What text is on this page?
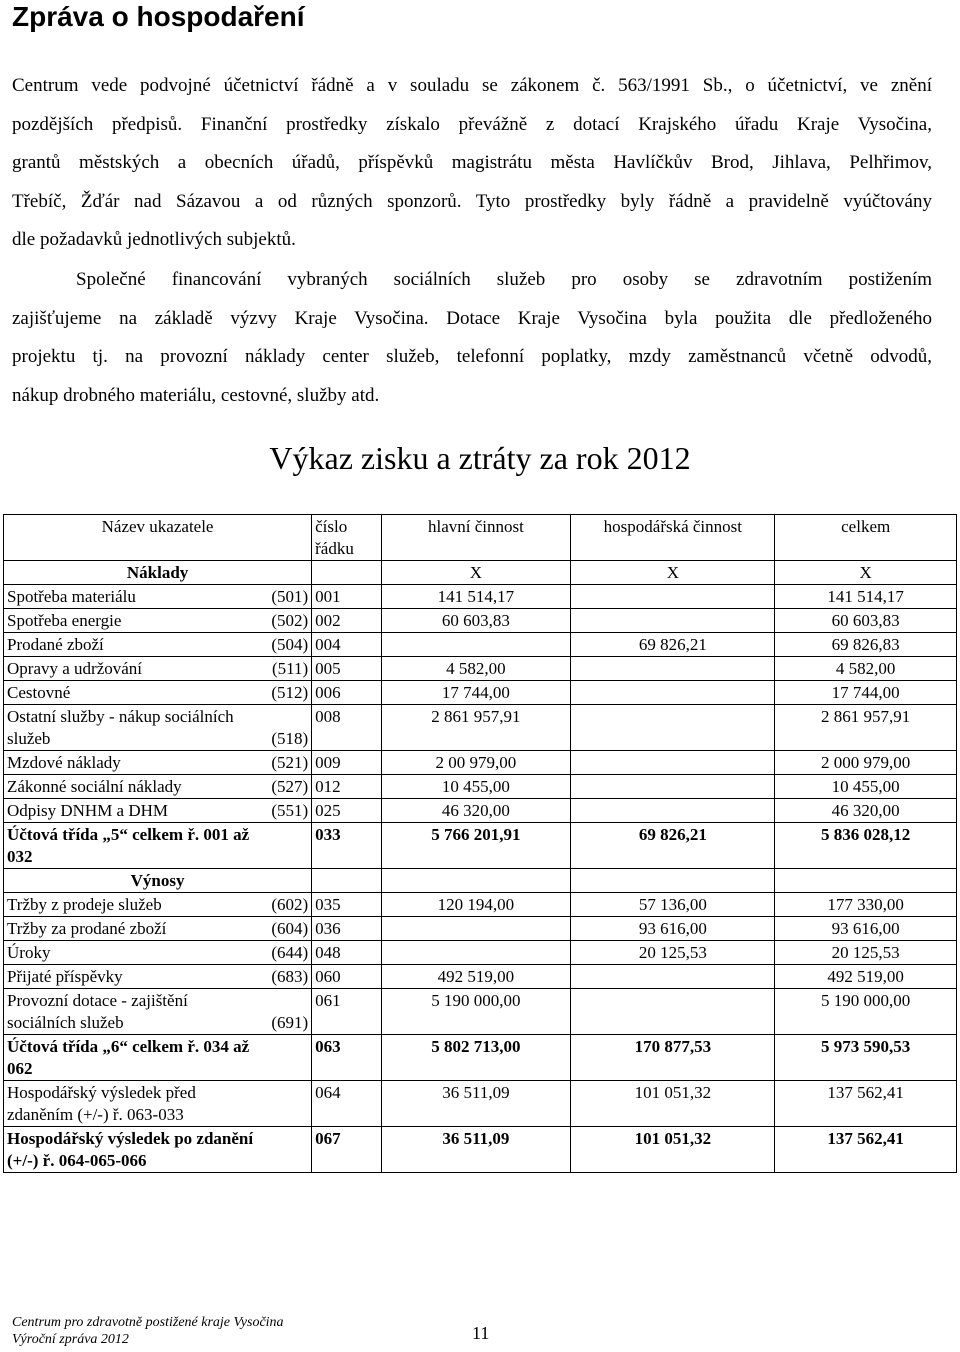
Zpráva o hospodaření
Centrum vede podvojné účetnictví řádně a v souladu se zákonem č. 563/1991 Sb., o účetnictví, ve znění
pozdějších předpisů. Finanční prostředky získalo převážně z dotací Krajského úřadu Kraje Vysočina,
grantů městských a obecních úřadů, příspěvků magistrátu města Havlíčkův Brod, Jihlava, Pelhřimov,
Třebíč, Žďár nad Sázavou a od různých sponzorů. Tyto prostředky byly řádně a pravidelně vyúčtovány
dle požadavků jednotlivých subjektů.
Společné financování vybraných sociálních služeb pro osoby se zdravotním postižením
zajišťujeme na základě výzvy Kraje Vysočina. Dotace Kraje Vysočina byla použita dle předloženého
projektu tj. na provozní náklady center služeb, telefonní poplatky, mzdy zaměstnanců včetně odvodů,
nákup drobného materiálu, cestovné, služby atd.
Výkaz zisku a ztráty za rok 2012
Název ukazatele	číslo řádku	hlavní činnost	hospodářská činnost	celkem
Náklady		X	X	X

Spotřeba materiálu (501)	001	141 514,17		141 514,17

Spotřeba energie (502)	002	60 603,83		60 603,83

Prodané zboží (504)	004		69 826,21	69 826,83

Opravy a udržování (511)	005	4 582,00		4 582,00

Cestovné (512)	006	17 744,00		17 744,00

Ostatní služby - nákup sociálních
služeb (518)	008	2 861 957,91		2 861 957,91

Mzdové náklady (521)	009	2 00 979,00		2 000 979,00

Zákonné sociální náklady (527)	012	10 455,00		10 455,00

Odpisy DNHM a DHM (551)	025	46 320,00		46 320,00

Účtová třída „5“ celkem ř. 001 až
032	033	5 766 201,91	69 826,21	5 836 028,12
Výnosy				

Tržby z prodeje služeb (602)	035	120 194,00	57 136,00	177 330,00

Tržby za prodané zboží (604)	036		93 616,00	93 616,00

Úroky (644)	048		20 125,53	20 125,53

Přijaté příspěvky (683)	060	492 519,00		492 519,00

Provozní dotace - zajištění
sociálních služeb (691)	061	5 190 000,00		5 190 000,00

Účtová třída „6“ celkem ř. 034 až
062	063	5 802 713,00	170 877,53	5 973 590,53

Hospodářský výsledek před
zdaněním (+/-) ř. 063-033	064	36 511,09	101 051,32	137 562,41

Hospodářský výsledek po zdanění
(+/-) ř. 064-065-066	067	36 511,09	101 051,32	137 562,41
Centrum pro zdravotně postižené kraje Vysočina
Výroční zpráva 2012	11
